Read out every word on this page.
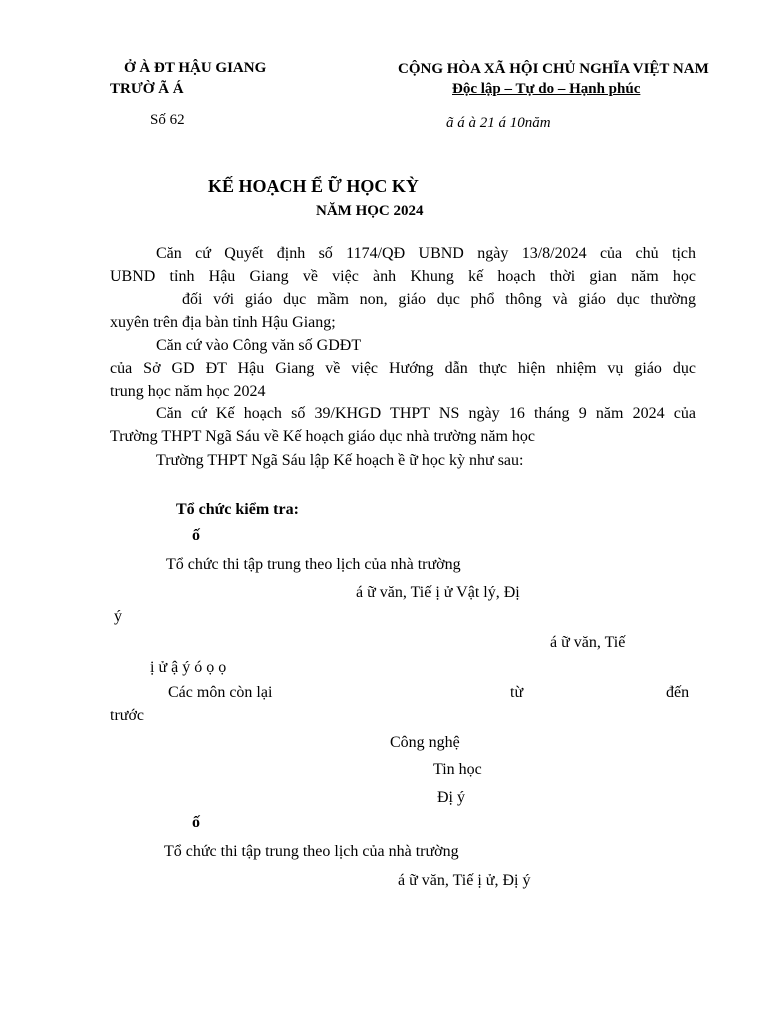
Ở À ĐT HẬU GIANG
TRƯỜ Ã Á
Số 62
CỘNG HÒA XÃ HỘI CHỦ NGHĨA VIỆT NAM
Độc lập – Tự do – Hạnh phúc
ã á à 21 á 10năm
KẾ HOẠCH Ể Ữ HỌC KỲ
NĂM HỌC 2024
Căn cứ Quyết định số 1174/QĐ UBND ngày 13/8/2024 của chủ tịch
UBND tỉnh Hậu Giang về việc ành Khung kế hoạch thời gian năm học
đối với giáo dục mầm non, giáo dục phổ thông và giáo dục thường
xuyên trên địa bàn tỉnh Hậu Giang;
Căn cứ vào Công văn số GDĐT
của Sở GD ĐT Hậu Giang về việc Hướng dẫn thực hiện nhiệm vụ giáo dục
trung học năm học 2024
Căn cứ Kế hoạch số 39/KHGD THPT NS ngày 16 tháng 9 năm 2024 của
Trường THPT Ngã Sáu về Kế hoạch giáo dục nhà trường năm học
Trường THPT Ngã Sáu lập Kế hoạch ề ữ học kỳ như sau:
Tổ chức kiểm tra:
ố
Tổ chức thi tập trung theo lịch của nhà trường
á ữ văn, Tiế ị ử Vật lý, Đị
ý
á ữ văn, Tiế
ị ử ậ ý ó ọ ọ
Các môn còn lại	từ	đến
trước
Công nghệ
Tin học
Đị ý
ố
Tổ chức thi tập trung theo lịch của nhà trường
á ữ văn, Tiế ị ử, Đị ý
